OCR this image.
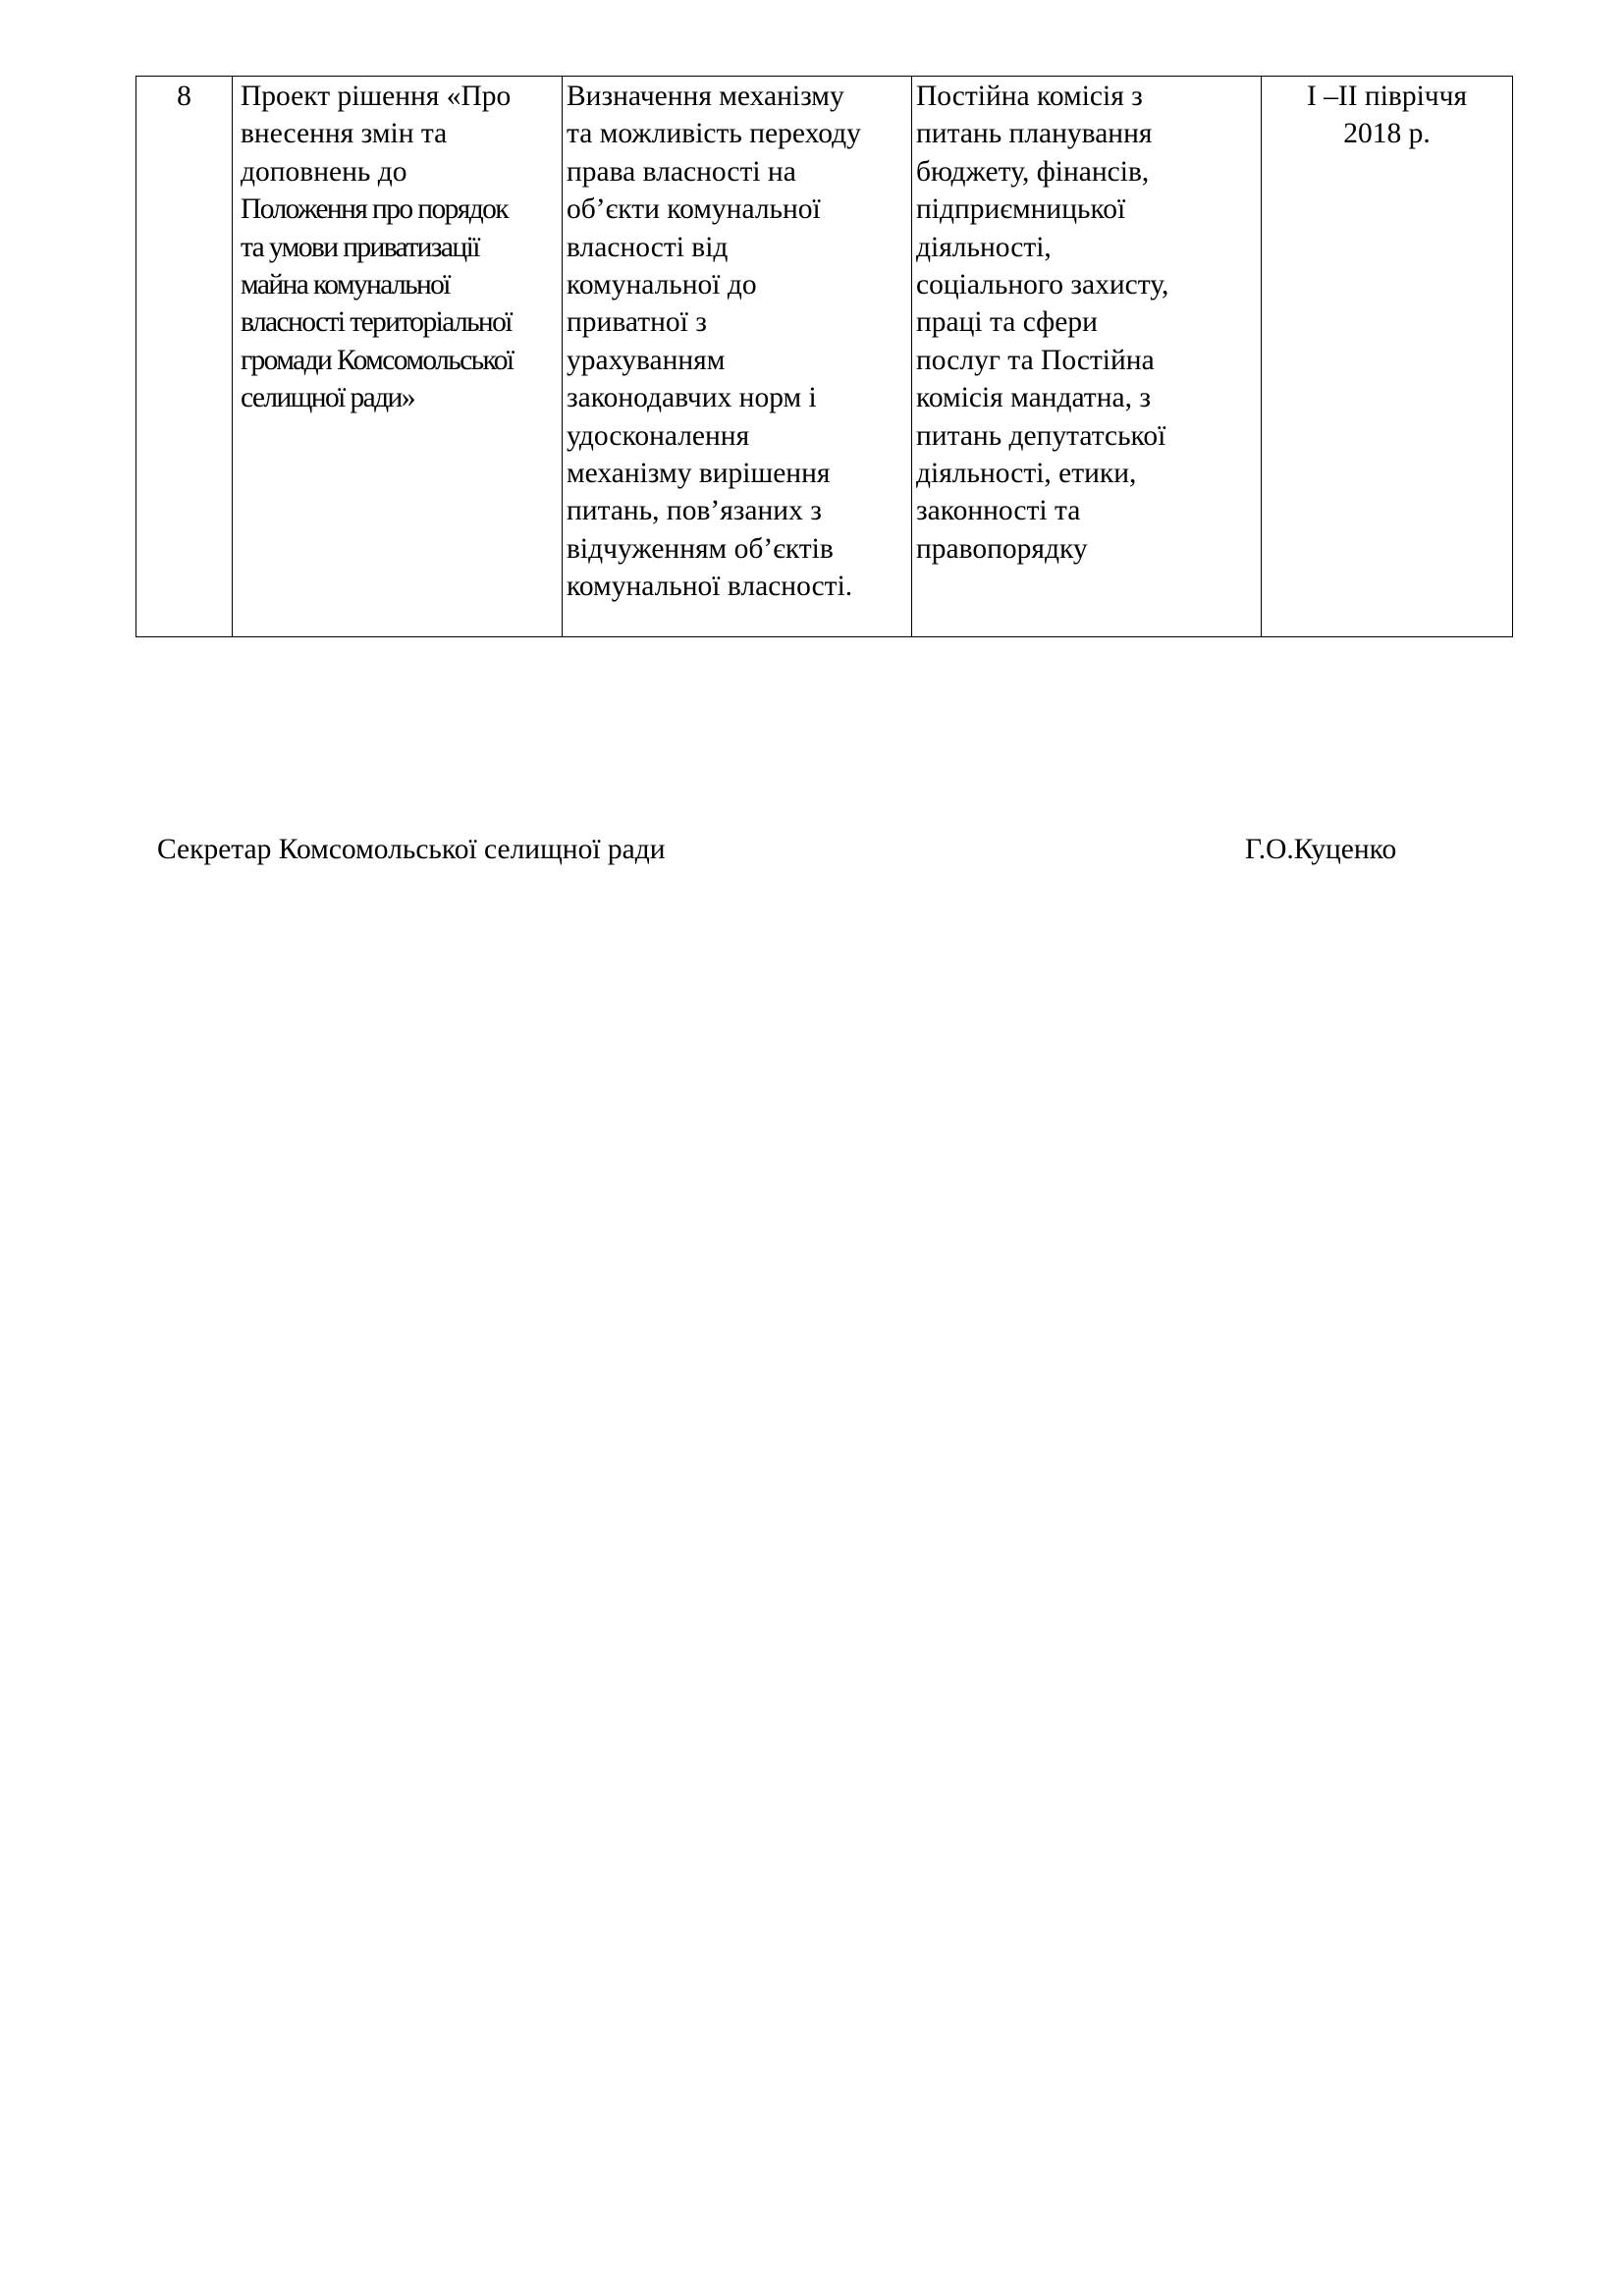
8	Проект рішення «Про
внесення змін та
доповнень до
Положення про порядок
та умови приватизації
майна комунальної
власності територіальної
громади Комсомольської
селищної ради»

Визначення механізму
та можливість переходу
права власності на
об’єкти комунальної
власності від
комунальної до
приватної з
урахуванням
законодавчих норм і
удосконалення
механізму вирішення
питань, пов’язаних з
відчуженням об’єктів
комунальної власності.

Постійна комісія з
питань планування
бюджету, фінансів,
підприємницької
діяльності,
соціального захисту,
праці та сфери
послуг та Постійна
комісія мандатна, з
питань депутатської
діяльності, етики,
законності та
правопорядку

І –ІІ півріччя
2018 р.
Секретар Комсомольської селищної ради	Г.О.Куценко
